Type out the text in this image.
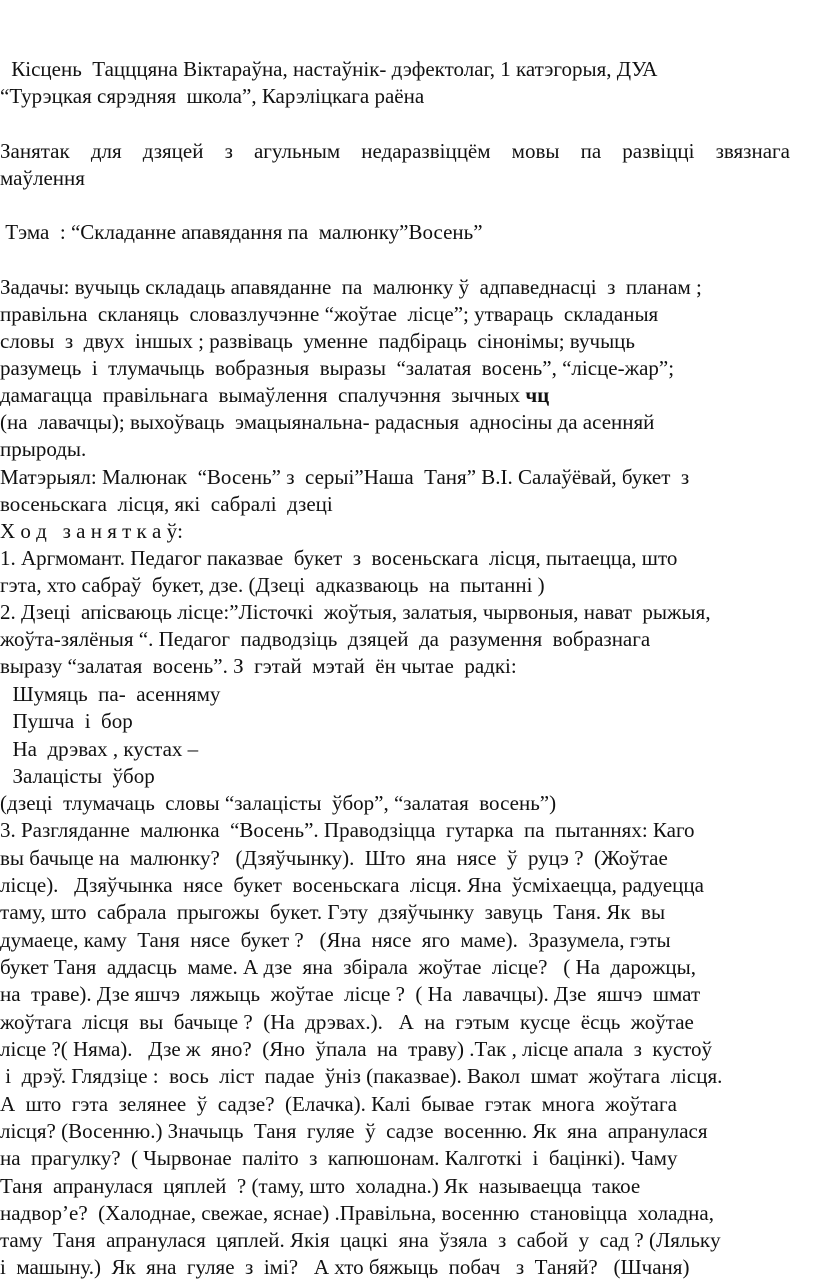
Кісцень  Тацццяна Віктараўна, настаўнік- дэфектолаг, 1 катэгорыя, ДУА
“Турэцкая сярэдняя  школа”, Карэліцкага раёна
Занятак для дзяцей з агульным недаразвіццём мовы па развіцці звязнага
маўлення
Тэма  : “Складанне апавядання па  малюнку”Восень”
Задачы: вучыць складаць апавяданне  па  малюнку ў  адпаведнасці  з  планам ;
правільна  скланяць  словазлучэнне “жоўтае  лісце”; утвараць  складаныя
словы  з  двух  іншых ; развіваць  уменне  падбіраць  сінонімы; вучыць
разумець  і  тлумачыць  вобразныя  выразы  “залатая  восень”, “лісце-жар”;
дамагацца  правільнага  вымаўлення  спалучэння  зычных чц
(на  лавачцы); выхоўваць  эмацыянальна- радасныя  адносіны да асенняй
прыроды.
Матэрыял: Малюнак  “Восень” з  серыі”Наша  Таня” В.І. Салаўёвай, букет  з
восеньскага  лісця, які  сабралі  дзеці
Х о д   з а н я т к а ў:
1. Аргмомант. Педагог паказвае  букет  з  восеньскага  лісця, пытаецца, што
гэта, хто сабраў  букет, дзе. (Дзеці  адказваюць  на  пытанні )
2. Дзеці  апісваюць лісце:”Лісточкі  жоўтыя, залатыя, чырвоныя, нават  рыжыя,
жоўта-зялёныя “. Педагог  падводзіць  дзяцей  да  разумення  вобразнага
выразу “залатая  восень”. З  гэтай  мэтай  ён чытае  радкі:
Шумяць  па-  асенняму
Пушча  і  бор
На  дрэвах , кустах –
Залацісты  ўбор
(дзеці  тлумачаць  словы “залацісты  ўбор”, “залатая  восень”)
3. Разгляданне  малюнка  “Восень”. Праводзіцца  гутарка  па  пытаннях: Каго
вы бачыце на  малюнку?   (Дзяўчынку).  Што  яна  нясе  ў  руцэ ?  (Жоўтае
лісце).   Дзяўчынка  нясе  букет  восеньскага  лісця. Яна  ўсміхаецца, радуецца
таму, што  сабрала  прыгожы  букет. Гэту  дзяўчынку  завуць  Таня. Як  вы
думаеце, каму  Таня  нясе  букет ?   (Яна  нясе  яго  маме).  Зразумела, гэты
букет Таня  аддасць  маме. А дзе  яна  збірала  жоўтае  лісце?   ( На  дарожцы,
на  траве). Дзе яшчэ  ляжыць  жоўтае  лісце ?  ( На  лавачцы). Дзе  яшчэ  шмат
жоўтага  лісця  вы  бачыце ?  (На  дрэвах.).   А  на  гэтым  кусце  ёсць  жоўтае
лісце ?( Няма).   Дзе ж  яно?  (Яно  ўпала  на  траву) .Так , лісце апала  з  кустоў
і  дрэў. Глядзіце :  вось  ліст  падае  ўніз (паказвае). Вакол  шмат  жоўтага  лісця.
А  што  гэта  зелянее  ў  садзе?  (Елачка). Калі  бывае  гэтак  многа  жоўтага
лісця? (Восенню.) Значыць  Таня  гуляе  ў  садзе  восенню. Як  яна  апранулася
на  прагулку?  ( Чырвонае  паліто  з  капюшонам. Калготкі  і  бацінкі). Чаму
Таня  апранулася  цяплей  ? (таму, што  холадна.) Як  называецца  такое
надвор’е?  (Халоднае, свежае, яснае) .Правільна, восенню  становіцца  холадна,
таму  Таня  апранулася  цяплей. Якія  цацкі  яна  ўзяла  з  сабой  у  сад ? (Лялькy
і  машыну.)  Як  яна  гуляе  з  імі?   А хто бяжыць  побач   з  Таняй?   (Шчаня)
